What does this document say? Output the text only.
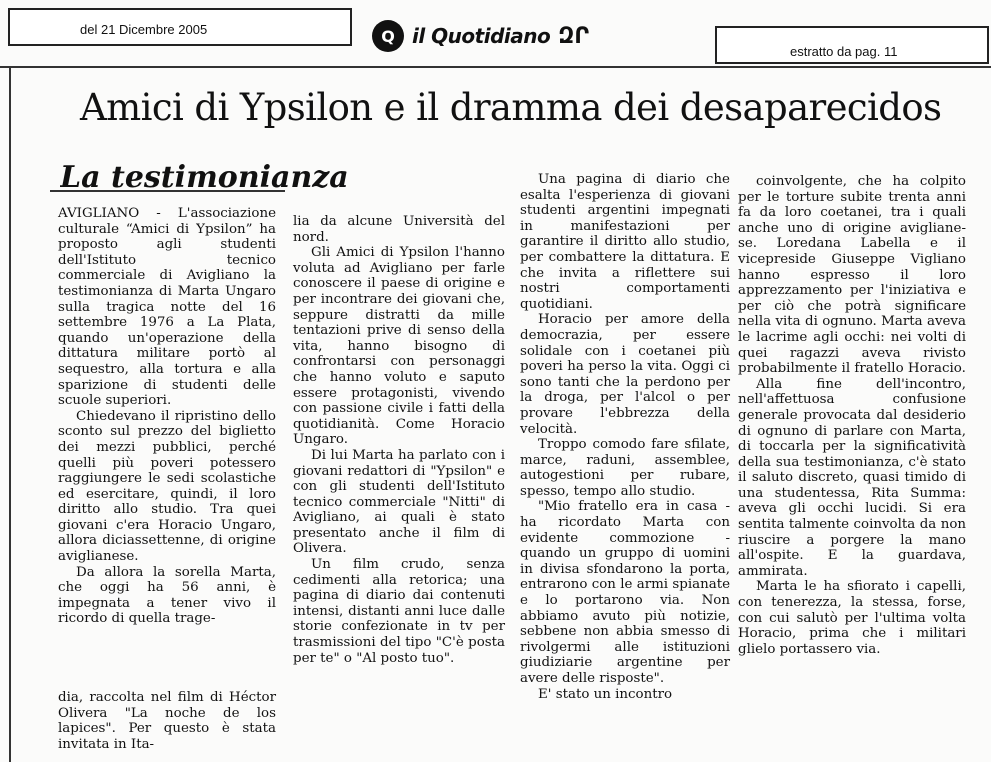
del 21 Dicembre 2005	Q il Quotidiano ԶՐ
estratto da pag. 11
Amici di Ypsilon e il dramma dei desaparecidos
La testimonianza

AVIGLIANO - L'associazione culturale “Amici di Ypsilon” ha proposto agli studenti dell'Istituto tecnico commerciale di Avigliano la testimonianza di Marta Ungaro sulla tragica notte del 16 settembre 1976 a La Plata, quando un'operazione della dittatura militare portò al sequestro, alla tortura e alla sparizione di studenti delle scuole superiori.

Chiedevano il ripristino dello sconto sul prezzo del biglietto dei mezzi pubblici, perché quelli più poveri potessero raggiungere le sedi scolastiche ed esercitare, quindi, il loro diritto allo studio. Tra quei giovani c'era Horacio Ungaro, allora diciassettenne, di origine aviglianese.

Da allora la sorella Marta, che oggi ha 56 anni, è impegnata a tener vivo il ricordo di quella trage-

dia, raccolta nel film di Héctor Olivera "La noche de los lapices". Per questo è stata invitata in Ita-

lia da alcune Università del nord.

Gli Amici di Ypsilon l'hanno voluta ad Avigliano per farle conoscere il paese di origine e per incontrare dei giovani che, seppure distratti da mille tentazioni prive di senso della vita, hanno bisogno di confrontarsi con personaggi che hanno voluto e saputo essere protagonisti, vivendo con passione civile i fatti della quotidianità. Come Horacio Ungaro.

Di lui Marta ha parlato con i giovani redattori di "Ypsilon" e con gli studenti dell'Istituto tecnico commerciale "Nitti" di Avigliano, ai quali è stato presentato anche il film di Olivera.

Un film crudo, senza cedimenti alla retorica; una pagina di diario dai contenuti intensi, distanti anni luce dalle storie confezionate in tv per trasmissioni del tipo "C'è posta per te" o "Al posto tuo".

Una pagina di diario che esalta l'esperienza di giovani studenti argentini impegnati in manifestazioni per garantire il diritto allo studio, per combattere la dittatura. E che invita a riflettere sui nostri comportamenti quotidiani.

Horacio per amore della democrazia, per essere solidale con i coetanei più poveri ha perso la vita. Oggi ci sono tanti che la perdono per la droga, per l'alcol o per provare l'ebbrezza della velocità.

Troppo comodo fare sfilate, marce, raduni, assemblee, autogestioni per rubare, spesso, tempo allo studio.

"Mio fratello era in casa - ha ricordato Marta con evidente commozione - quando un gruppo di uomini in divisa sfondarono la porta, entrarono con le armi spianate e lo portarono via. Non abbiamo avuto più notizie, sebbene non abbia smesso di rivolgermi alle istituzioni giudiziarie argentine per avere delle risposte".

E' stato un incontro

coinvolgente, che ha colpito per le torture subite trenta anni fa da loro coetanei, tra i quali anche uno di origine avigliane-se. Loredana Labella e il vicepreside Giuseppe Vigliano hanno espresso il loro apprezzamento per l'iniziativa e per ciò che potrà significare nella vita di ognuno. Marta aveva le lacrime agli occhi: nei volti di quei ragazzi aveva rivisto probabilmente il fratello Horacio.

Alla fine dell'incontro, nell'affettuosa confusione generale provocata dal desiderio di ognuno di parlare con Marta, di toccarla per la significatività della sua testimonianza, c'è stato il saluto discreto, quasi timido di una studentessa, Rita Summa: aveva gli occhi lucidi. Si era sentita talmente coinvolta da non riuscire a porgere la mano all'ospite. E la guardava, ammirata.

Marta le ha sfiorato i capelli, con tenerezza, la stessa, forse, con cui salutò per l'ultima volta Horacio, prima che i militari glielo portassero via.
